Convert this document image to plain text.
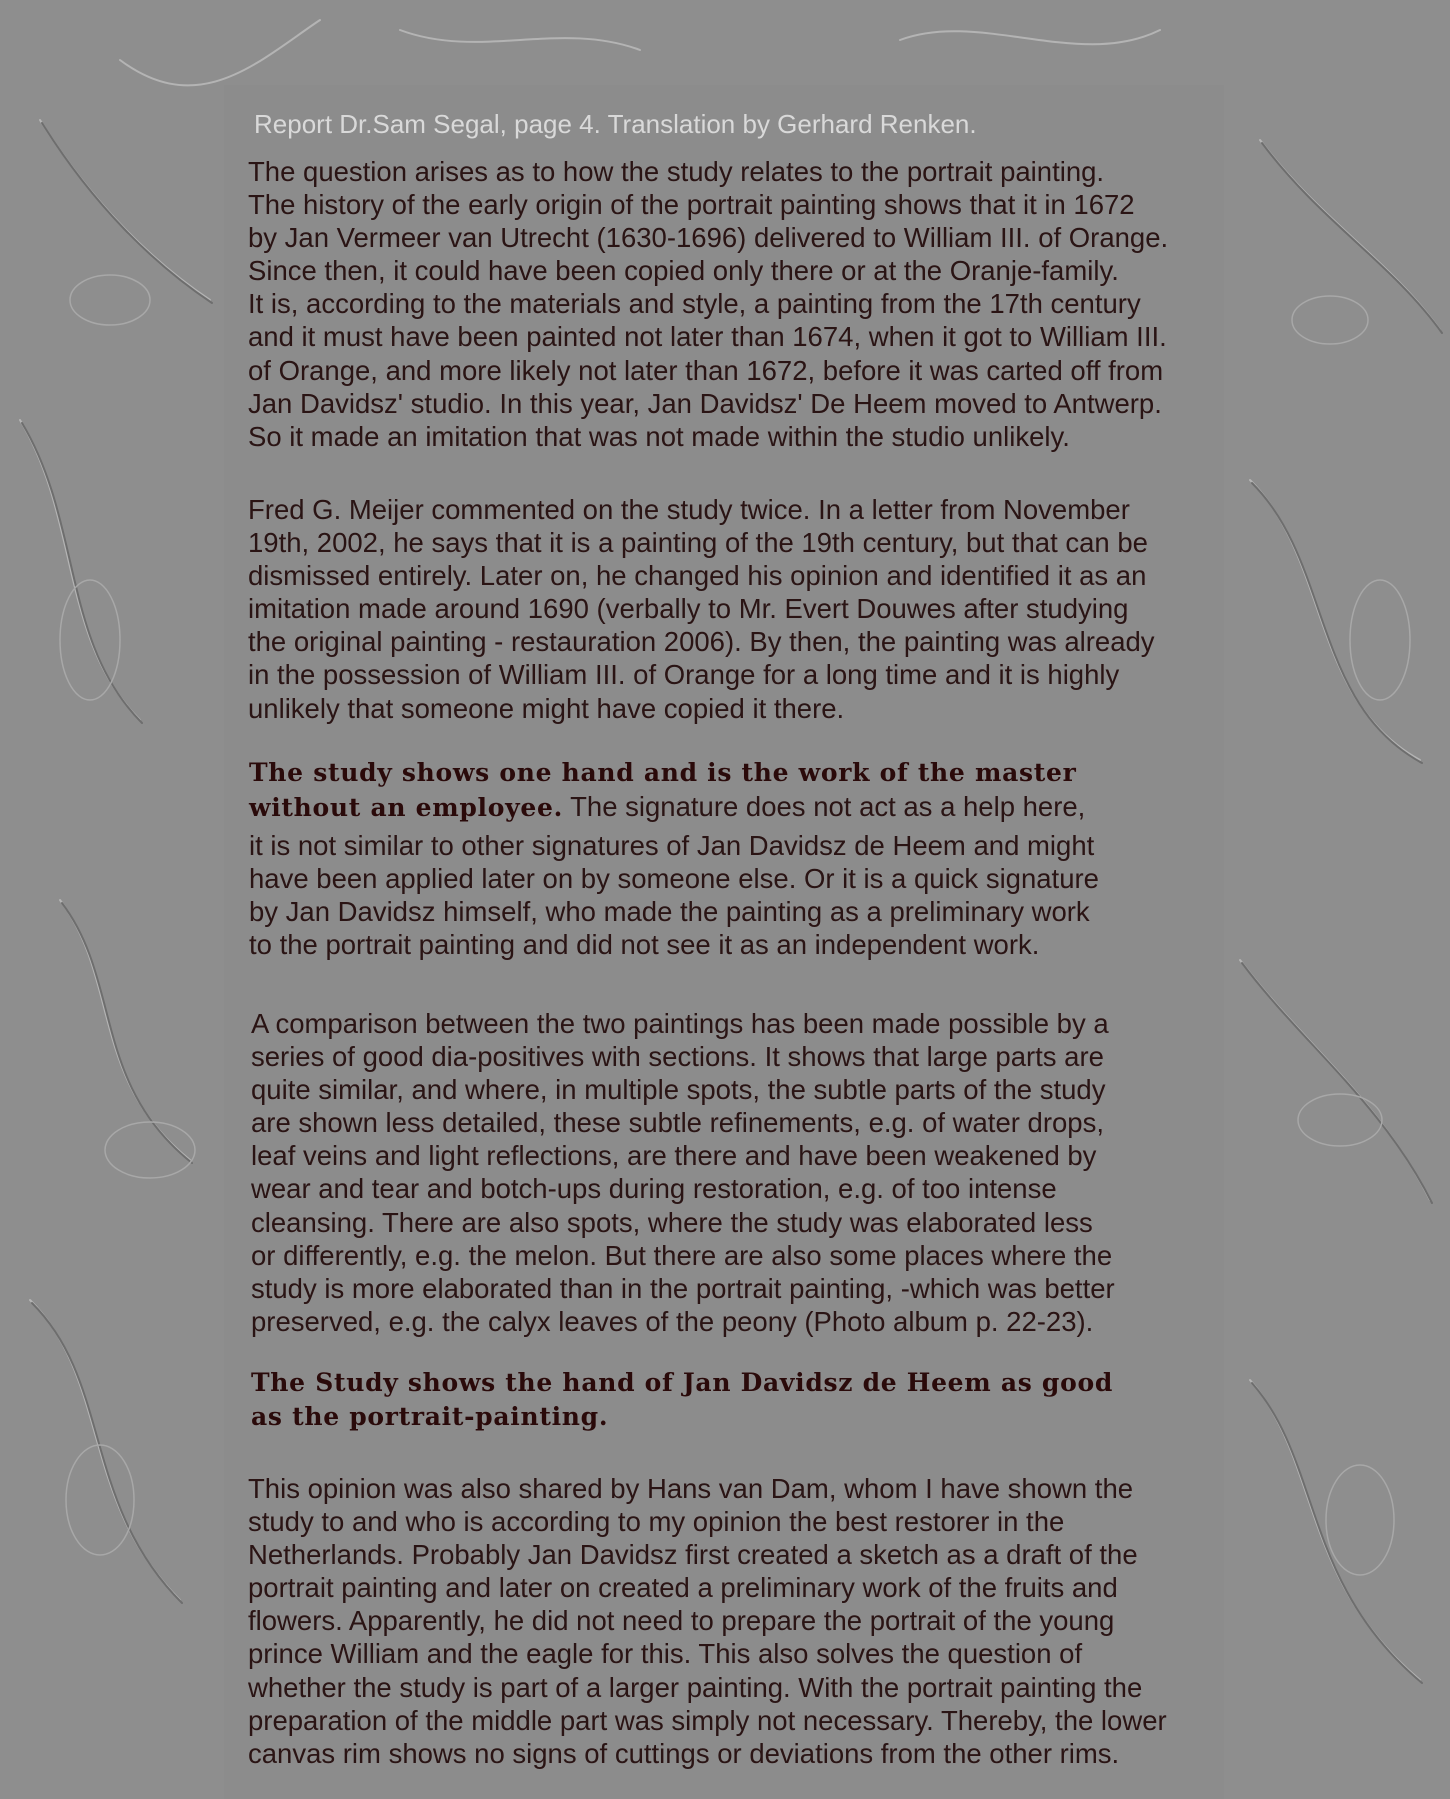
Report Dr.Sam Segal, page 4. Translation by Gerhard Renken.
The question arises as to how the study relates to the portrait painting.
The history of the early origin of the portrait painting shows that it in 1672
by Jan Vermeer van Utrecht (1630-1696) delivered to William III. of Orange.
Since then, it could have been copied only there or at the Oranje-family.
It is, according to the materials and style, a painting from the 17th century
and it must have been painted not later than 1674, when it got to William III.
of Orange, and more likely not later than 1672, before it was carted off from
Jan Davidsz' studio. In this year, Jan Davidsz' De Heem moved to Antwerp.
So it made an imitation that was not made within the studio unlikely.
Fred G. Meijer commented on the study twice. In a letter from November
19th, 2002, he says that it is a painting of the 19th century, but that can be
dismissed entirely. Later on, he changed his opinion and identified it as an
imitation made around 1690 (verbally to Mr. Evert Douwes after studying
the original painting - restauration 2006). By then, the painting was already
in the possession of William III. of Orange for a long time and it is highly
unlikely that someone might have copied it there.
The study shows one hand and is the work of the master
without an employee. The signature does not act as a help here,
it is not similar to other signatures of Jan Davidsz de Heem and might
have been applied later on by someone else. Or it is a quick signature
by Jan Davidsz himself, who made the painting as a preliminary work
to the portrait painting and did not see it as an independent work.
A comparison between the two paintings has been made possible by a
series of good dia-positives with sections. It shows that large parts are
quite similar, and where, in multiple spots, the subtle parts of the study
are shown less detailed, these subtle refinements, e.g. of water drops,
leaf veins and light reflections, are there and have been weakened by
wear and tear and botch-ups during restoration, e.g. of too intense
cleansing. There are also spots, where the study was elaborated less
or differently, e.g. the melon. But there are also some places where the
study is more elaborated than in the portrait painting, -which was better
preserved, e.g. the calyx leaves of the peony (Photo album p. 22-23).
The Study shows the hand of Jan Davidsz de Heem as good
as the portrait-painting.
This opinion was also shared by Hans van Dam, whom I have shown the
study to and who is according to my opinion the best restorer in the
Netherlands. Probably Jan Davidsz first created a sketch as a draft of the
portrait painting and later on created a preliminary work of the fruits and
flowers. Apparently, he did not need to prepare the portrait of the young
prince William and the eagle for this. This also solves the question of
whether the study is part of a larger painting. With the portrait painting the
preparation of the middle part was simply not necessary. Thereby, the lower
canvas rim shows no signs of cuttings or deviations from the other rims.
